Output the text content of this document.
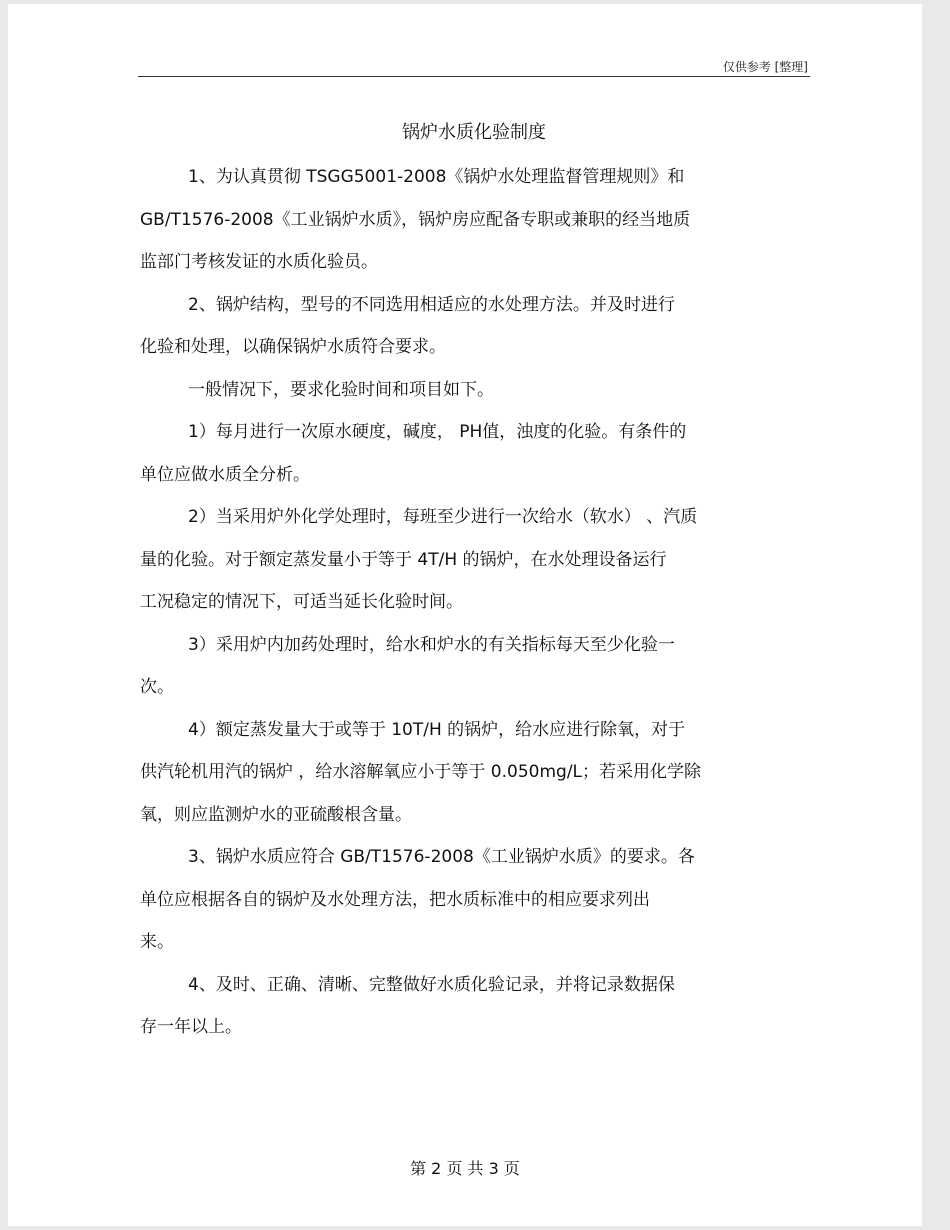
仅供参考 [整理]
锅炉水质化验制度
1、为认真贯彻 TSGG5001-2008《锅炉水处理监督管理规则》和
GB/T1576-2008《工业锅炉水质》，锅炉房应配备专职或兼职的经当地质
监部门考核发证的水质化验员。
2、锅炉结构，型号的不同选用相适应的水处理方法。并及时进行
化验和处理，以确保锅炉水质符合要求。
一般情况下，要求化验时间和项目如下。
1）每月进行一次原水硬度，碱度， PH值，浊度的化验。有条件的
单位应做水质全分析。
2）当采用炉外化学处理时，每班至少进行一次给水（软水） 、汽质
量的化验。对于额定蒸发量小于等于 4T/H 的锅炉，在水处理设备运行
工况稳定的情况下，可适当延长化验时间。
3）采用炉内加药处理时，给水和炉水的有关指标每天至少化验一
次。
4）额定蒸发量大于或等于 10T/H 的锅炉，给水应进行除氧，对于
供汽轮机用汽的锅炉 ，给水溶解氧应小于等于 0.050mg/L；若采用化学除
氧，则应监测炉水的亚硫酸根含量。
3、锅炉水质应符合 GB/T1576-2008《工业锅炉水质》的要求。各
单位应根据各自的锅炉及水处理方法，把水质标准中的相应要求列出
来。
4、及时、正确、清晰、完整做好水质化验记录，并将记录数据保
存一年以上。
第 2 页 共 3 页
